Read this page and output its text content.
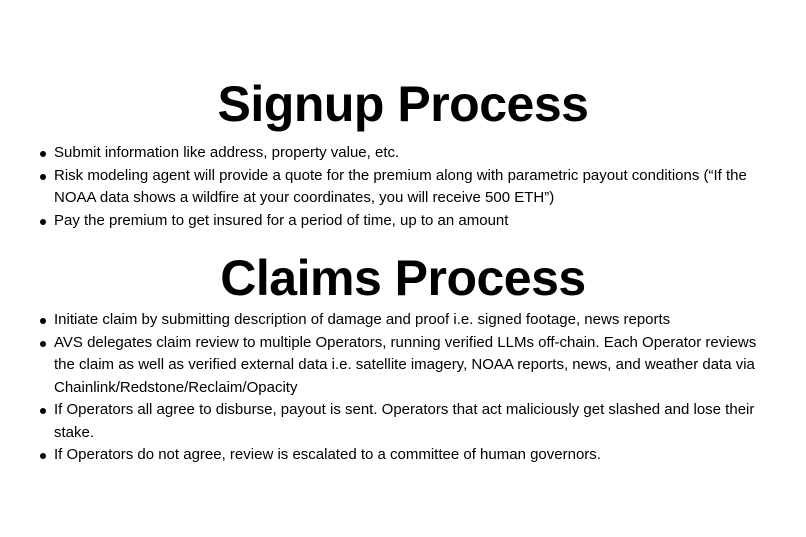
Signup Process
Submit information like address, property value, etc.
Risk modeling agent will provide a quote for the premium along with parametric payout conditions (“If the NOAA data shows a wildfire at your coordinates, you will receive 500 ETH”)
Pay the premium to get insured for a period of time, up to an amount
Claims Process
Initiate claim by submitting description of damage and proof i.e. signed footage, news reports
AVS delegates claim review to multiple Operators, running verified LLMs off-chain. Each Operator reviews the claim as well as verified external data i.e. satellite imagery, NOAA reports, news, and weather data via Chainlink/Redstone/Reclaim/Opacity
If Operators all agree to disburse, payout is sent. Operators that act maliciously get slashed and lose their stake.
If Operators do not agree, review is escalated to a committee of human governors.
